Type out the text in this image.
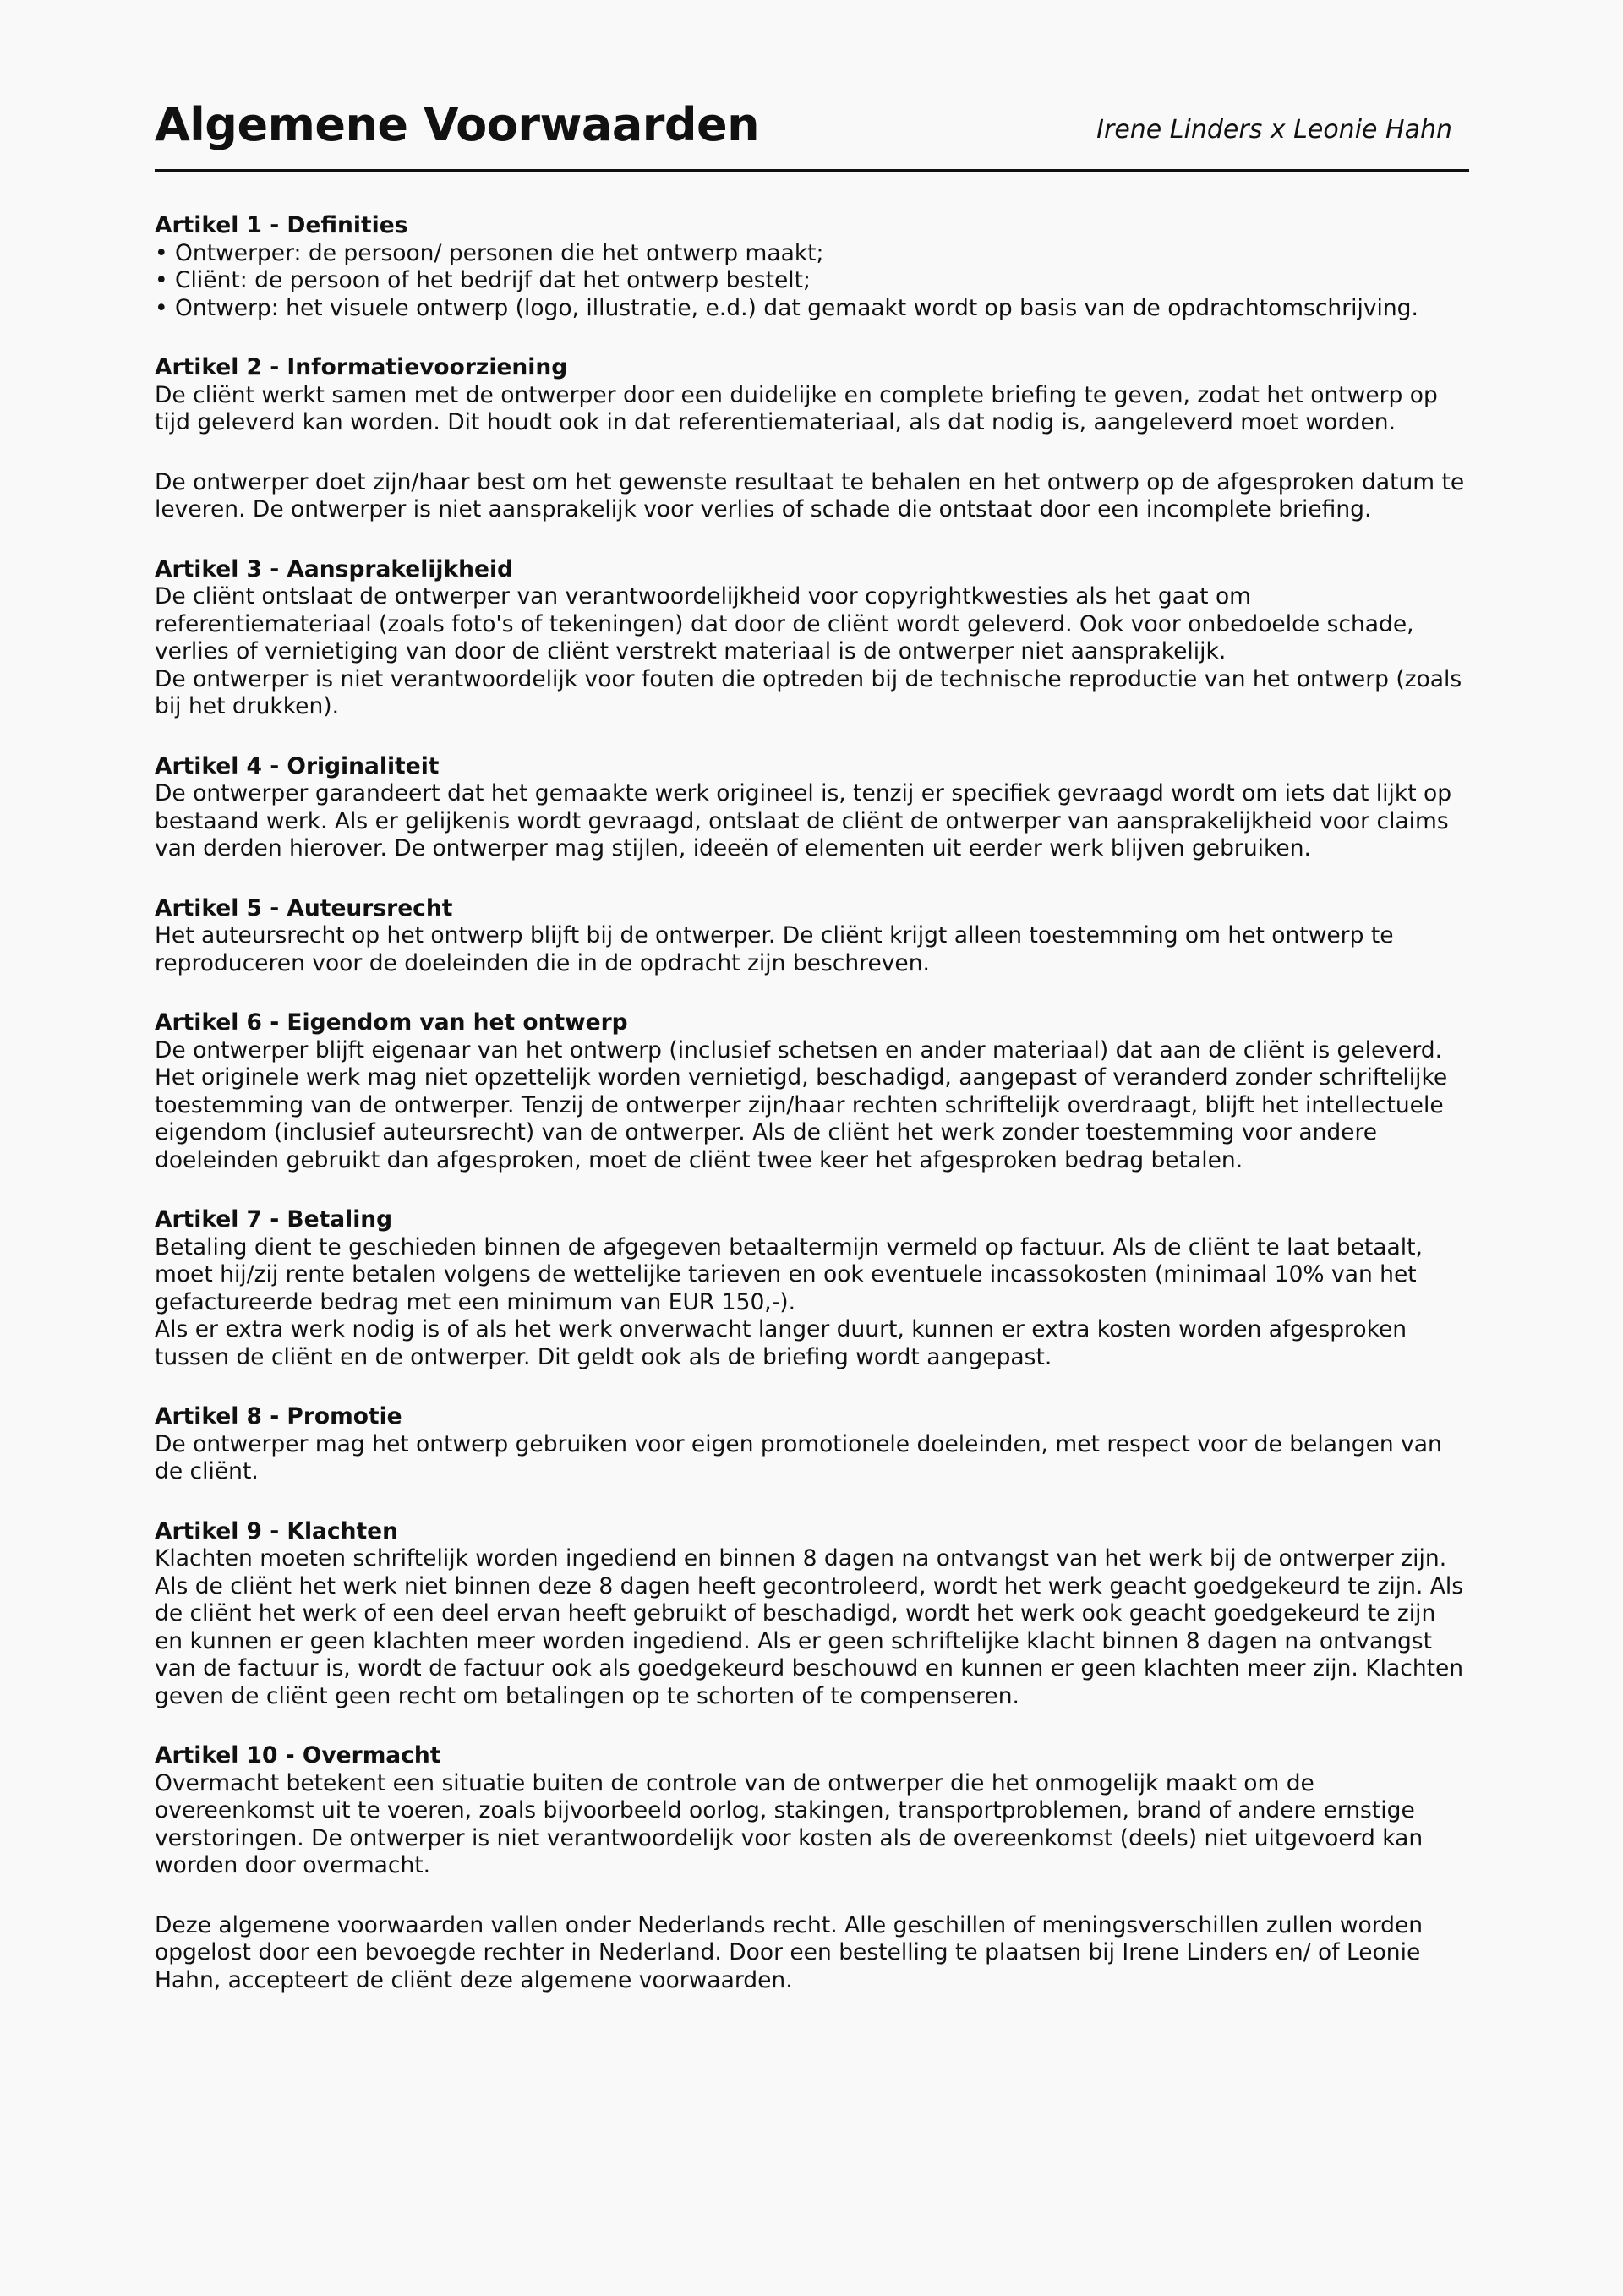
Algemene Voorwaarden	Irene Linders x Leonie Hahn
Artikel 1 - Definities

• Ontwerper: de persoon/ personen die het ontwerp maakt;

• Cliënt: de persoon of het bedrijf dat het ontwerp bestelt;

• Ontwerp: het visuele ontwerp (logo, illustratie, e.d.) dat gemaakt wordt op basis van de opdrachtomschrijving.

Artikel 2 - Informatievoorziening

De cliënt werkt samen met de ontwerper door een duidelijke en complete briefing te geven, zodat het ontwerp op tijd geleverd kan worden. Dit houdt ook in dat referentiemateriaal, als dat nodig is, aangeleverd moet worden.

De ontwerper doet zijn/haar best om het gewenste resultaat te behalen en het ontwerp op de afgesproken datum te leveren. De ontwerper is niet aansprakelijk voor verlies of schade die ontstaat door een incomplete briefing.

Artikel 3 - Aansprakelijkheid

De cliënt ontslaat de ontwerper van verantwoordelijkheid voor copyrightkwesties als het gaat om referentiemateriaal (zoals foto's of tekeningen) dat door de cliënt wordt geleverd. Ook voor onbedoelde schade, verlies of vernietiging van door de cliënt verstrekt materiaal is de ontwerper niet aansprakelijk.

De ontwerper is niet verantwoordelijk voor fouten die optreden bij de technische reproductie van het ontwerp (zoals bij het drukken).

Artikel 4 - Originaliteit

De ontwerper garandeert dat het gemaakte werk origineel is, tenzij er specifiek gevraagd wordt om iets dat lijkt op bestaand werk. Als er gelijkenis wordt gevraagd, ontslaat de cliënt de ontwerper van aansprakelijkheid voor claims van derden hierover. De ontwerper mag stijlen, ideeën of elementen uit eerder werk blijven gebruiken.

Artikel 5 - Auteursrecht

Het auteursrecht op het ontwerp blijft bij de ontwerper. De cliënt krijgt alleen toestemming om het ontwerp te reproduceren voor de doeleinden die in de opdracht zijn beschreven.

Artikel 6 - Eigendom van het ontwerp

De ontwerper blijft eigenaar van het ontwerp (inclusief schetsen en ander materiaal) dat aan de cliënt is geleverd. Het originele werk mag niet opzettelijk worden vernietigd, beschadigd, aangepast of veranderd zonder schriftelijke toestemming van de ontwerper. Tenzij de ontwerper zijn/haar rechten schriftelijk overdraagt, blijft het intellectuele eigendom (inclusief auteursrecht) van de ontwerper. Als de cliënt het werk zonder toestemming voor andere doeleinden gebruikt dan afgesproken, moet de cliënt twee keer het afgesproken bedrag betalen.

Artikel 7 - Betaling

Betaling dient te geschieden binnen de afgegeven betaaltermijn vermeld op factuur. Als de cliënt te laat betaalt, moet hij/zij rente betalen volgens de wettelijke tarieven en ook eventuele incassokosten (minimaal 10% van het gefactureerde bedrag met een minimum van EUR 150,-).

Als er extra werk nodig is of als het werk onverwacht langer duurt, kunnen er extra kosten worden afgesproken tussen de cliënt en de ontwerper. Dit geldt ook als de briefing wordt aangepast.

Artikel 8 - Promotie

De ontwerper mag het ontwerp gebruiken voor eigen promotionele doeleinden, met respect voor de belangen van de cliënt.

Artikel 9 - Klachten

Klachten moeten schriftelijk worden ingediend en binnen 8 dagen na ontvangst van het werk bij de ontwerper zijn. Als de cliënt het werk niet binnen deze 8 dagen heeft gecontroleerd, wordt het werk geacht goedgekeurd te zijn. Als de cliënt het werk of een deel ervan heeft gebruikt of beschadigd, wordt het werk ook geacht goedgekeurd te zijn en kunnen er geen klachten meer worden ingediend. Als er geen schriftelijke klacht binnen 8 dagen na ontvangst van de factuur is, wordt de factuur ook als goedgekeurd beschouwd en kunnen er geen klachten meer zijn. Klachten geven de cliënt geen recht om betalingen op te schorten of te compenseren.

Artikel 10 - Overmacht

Overmacht betekent een situatie buiten de controle van de ontwerper die het onmogelijk maakt om de overeenkomst uit te voeren, zoals bijvoorbeeld oorlog, stakingen, transportproblemen, brand of andere ernstige verstoringen. De ontwerper is niet verantwoordelijk voor kosten als de overeenkomst (deels) niet uitgevoerd kan worden door overmacht.

Deze algemene voorwaarden vallen onder Nederlands recht. Alle geschillen of meningsverschillen zullen worden opgelost door een bevoegde rechter in Nederland. Door een bestelling te plaatsen bij Irene Linders en/ of Leonie Hahn, accepteert de cliënt deze algemene voorwaarden.
